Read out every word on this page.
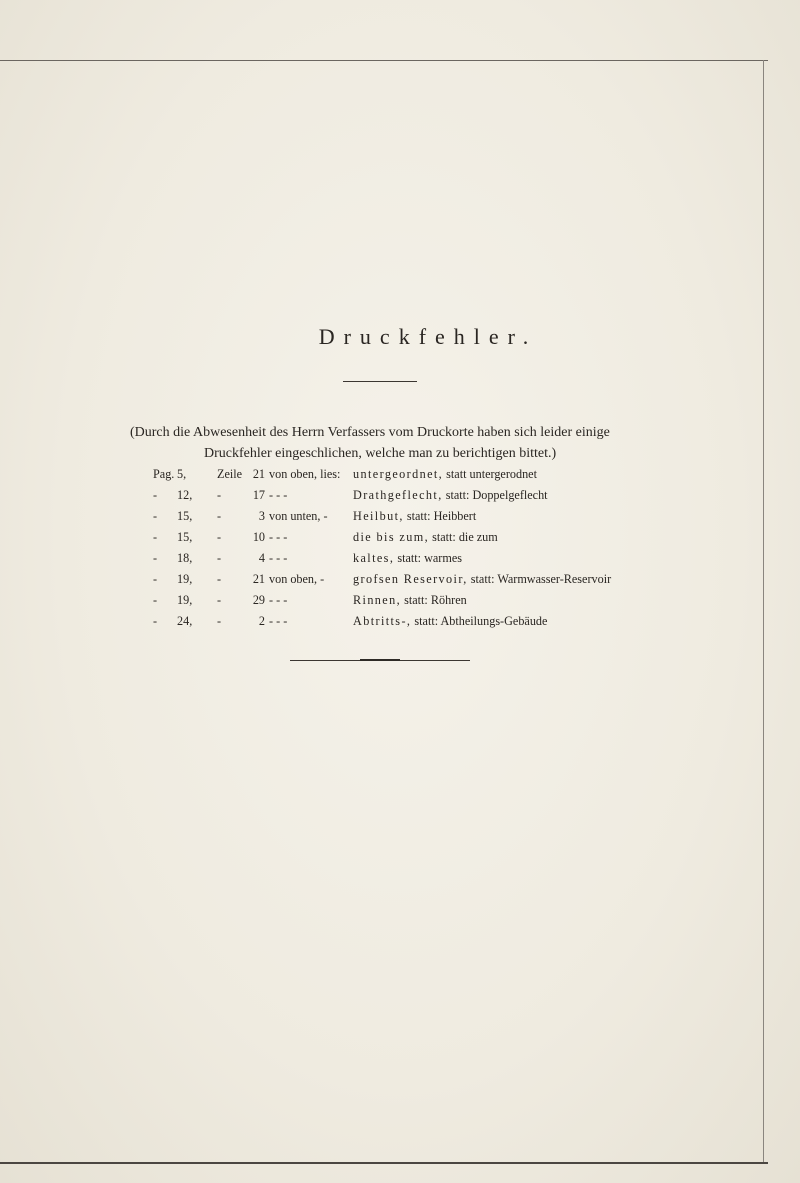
Druckfehler.
(Durch die Abwesenheit des Herrn Verfassers vom Druckorte haben sich leider einige
Druckfehler eingeschlichen, welche man zu berichtigen bittet.)
Pag. 5,	Zeile 21 von oben, lies:	untergeordnet, statt untergerodnet
-	12,	-	17 - - -	Drathgeflecht, statt: Doppelgeflecht
-	15,	-	3 von unten, -	Heilbut, statt: Heibbert
-	15,	-	10 - - -	die bis zum, statt: die zum
-	18,	-	4 - - -	kaltes, statt: warmes
-	19,	-	21 von oben, -	grofsen Reservoir, statt: Warmwasser-Reservoir
-	19,	-	29 - - -	Rinnen, statt: Röhren
-	24,	-	2 - - -	Abtritts-, statt: Abtheilungs-Gebäude
